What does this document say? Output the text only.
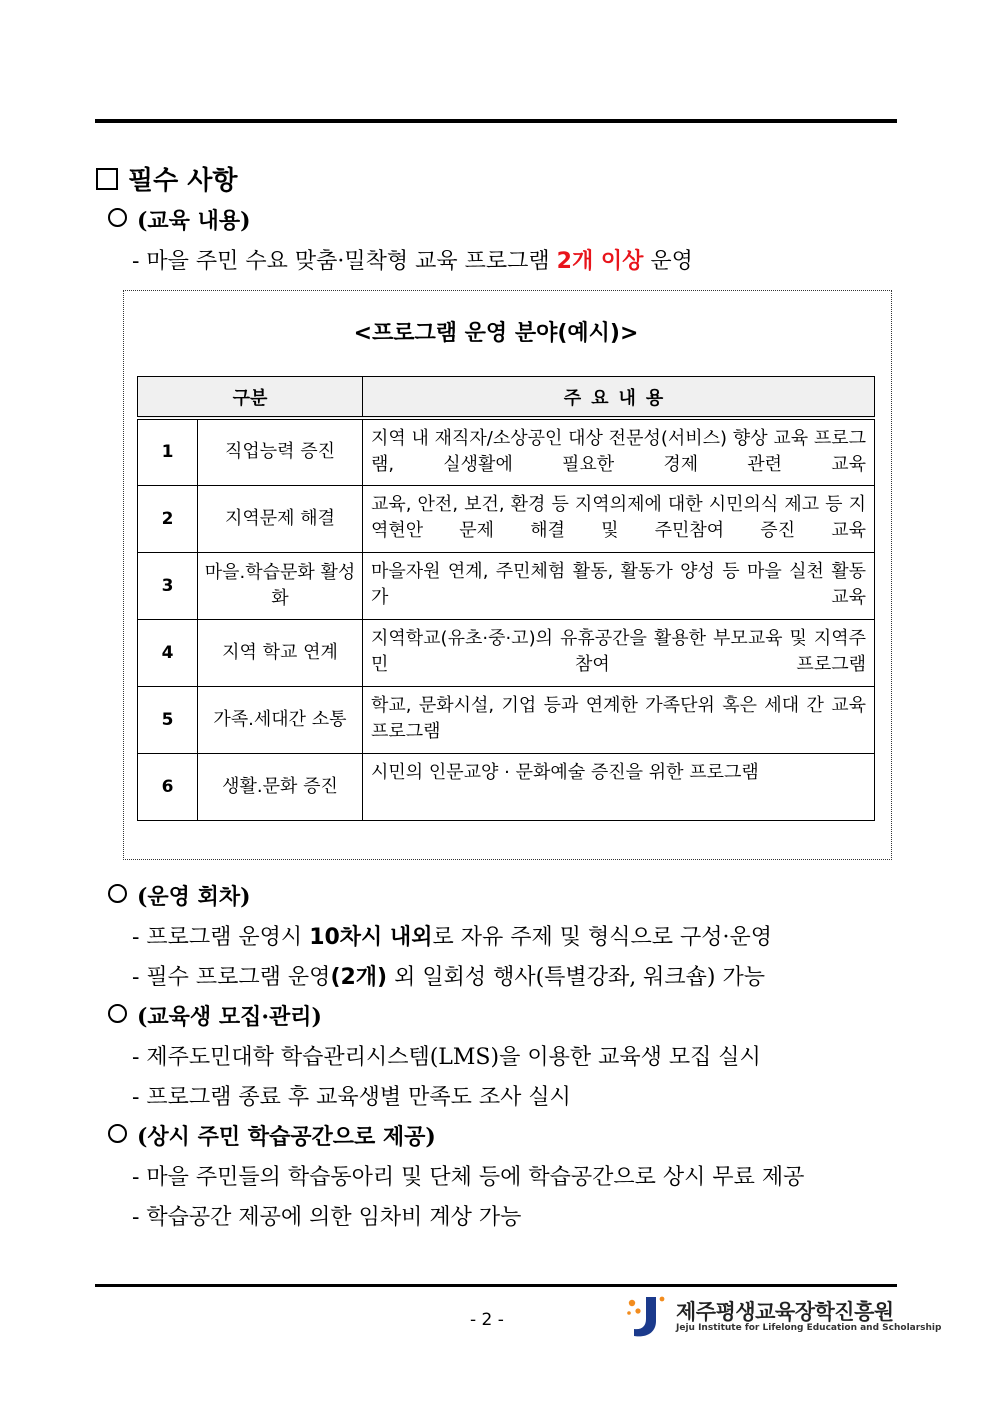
필수 사항
(교육 내용)
- 마을 주민 수요 맞춤·밀착형 교육 프로그램 2개 이상 운영
<프로그램 운영 분야(예시)>
구분		주요내용
1	직업능력 증진	지역 내 재직자/소상공인 대상 전문성(서비스) 향상 교육 프로그램, 실생활에 필요한 경제 관련 교육
2	지역문제 해결	교육, 안전, 보건, 환경 등 지역의제에 대한 시민의식 제고 등 지역현안 문제 해결 및 주민참여 증진 교육
3	마을.학습문화 활성화	마을자원 연계, 주민체험 활동, 활동가 양성 등 마을 실천 활동가 교육
4	지역 학교 연계	지역학교(유초·중·고)의 유휴공간을 활용한 부모교육 및 지역주민 참여 프로그램
5	가족.세대간 소통	학교, 문화시설, 기업 등과 연계한 가족단위 혹은 세대 간 교육 프로그램
6	생활.문화 증진	시민의 인문교양 · 문화예술 증진을 위한 프로그램
(운영 회차)
- 프로그램 운영시 10차시 내외로 자유 주제 및 형식으로 구성·운영
- 필수 프로그램 운영(2개) 외 일회성 행사(특별강좌, 워크숍) 가능
(교육생 모집·관리)
- 제주도민대학 학습관리시스템(LMS)을 이용한 교육생 모집 실시
- 프로그램 종료 후 교육생별 만족도 조사 실시
(상시 주민 학습공간으로 제공)
- 마을 주민들의 학습동아리 및 단체 등에 학습공간으로 상시 무료 제공
- 학습공간 제공에 의한 임차비 계상 가능
- 2 -	제주평생교육장학진흥원
Jeju Institute for Lifelong Education and Scholarship
